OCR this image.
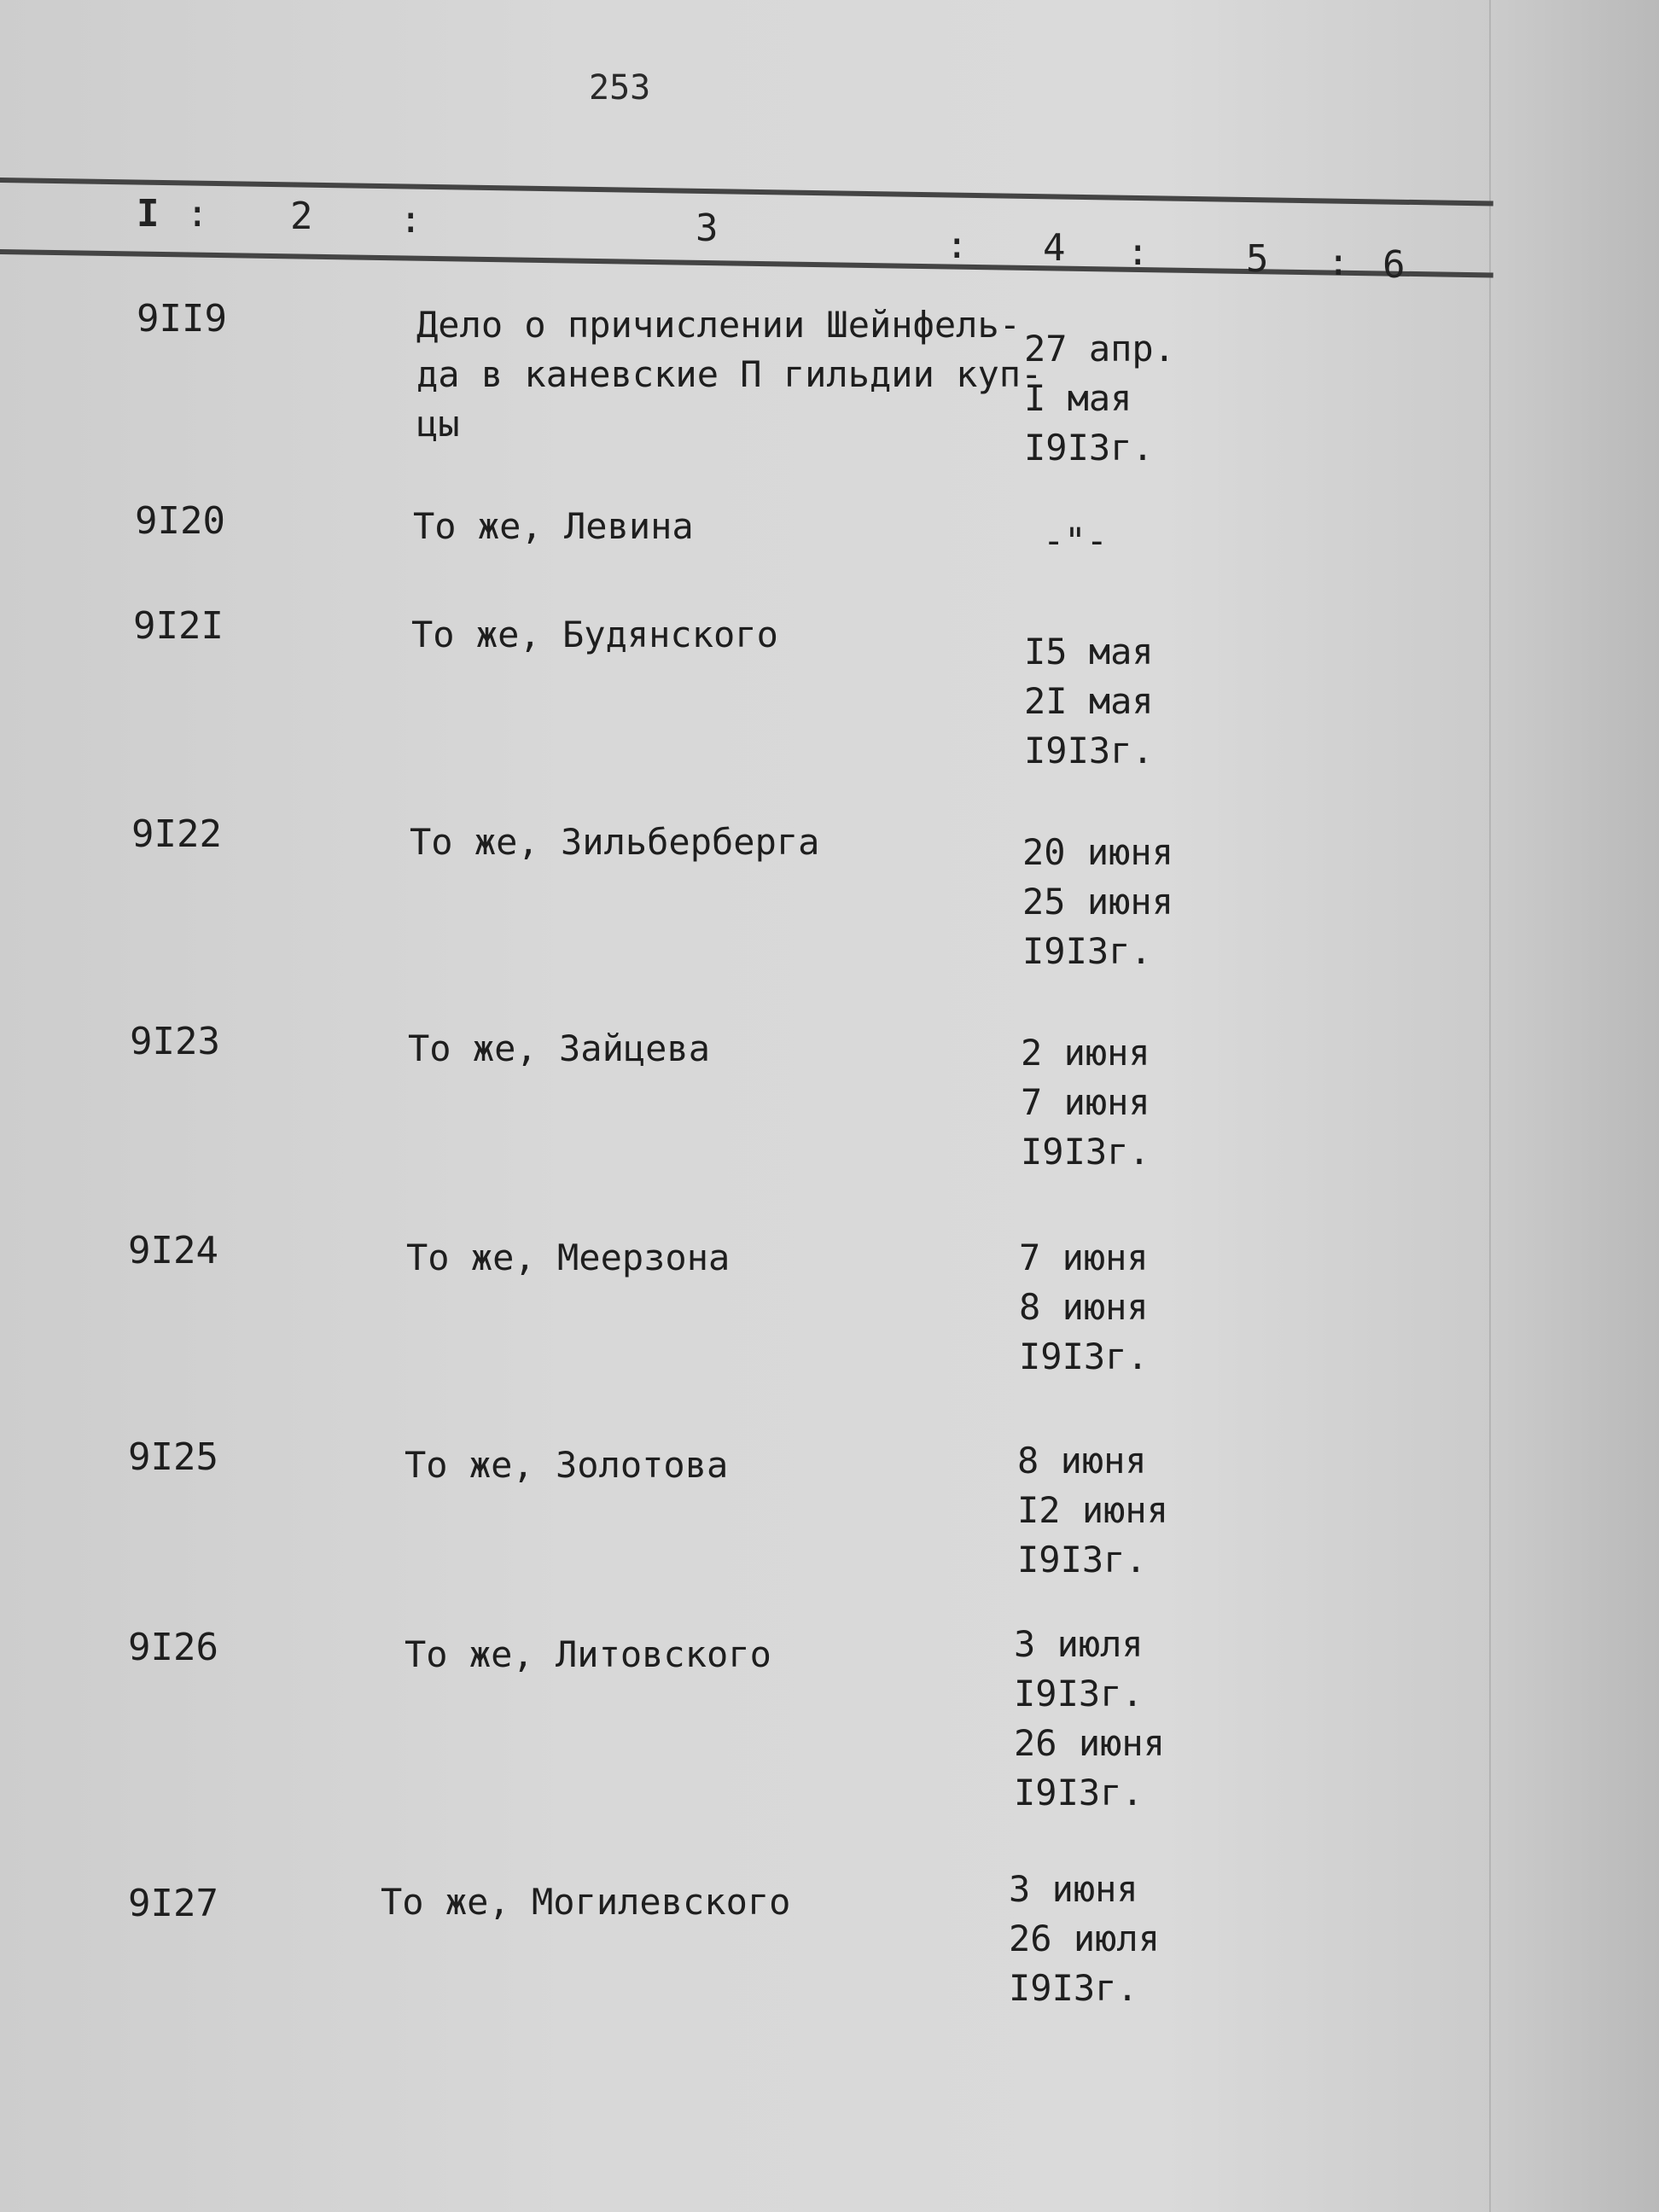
253
I : 2 :	3	: 4 :	5 : 6
9II9	Дело о причислении Шейнфель-
да в каневские П гильдии куп-
цы
27 апр.
I мая
I9I3г.
9I20	То же, Левина	-"-
9I2I	То же, Будянского	I5 мая
2I мая
I9I3г.
9I22	То же, Зильберберга	20 июня
25 июня
I9I3г.
9I23	То же, Зайцева	2 июня
7 июня
I9I3г.
9I24	То же, Меерзона	7 июня
8 июня
I9I3г.
9I25	То же, Золотова	8 июня
I2 июня
I9I3г.
9I26	То же, Литовского	3 июля
I9I3г.
26 июня
I9I3г.
9I27	То же, Могилевского	3 июня
26 июля
I9I3г.
